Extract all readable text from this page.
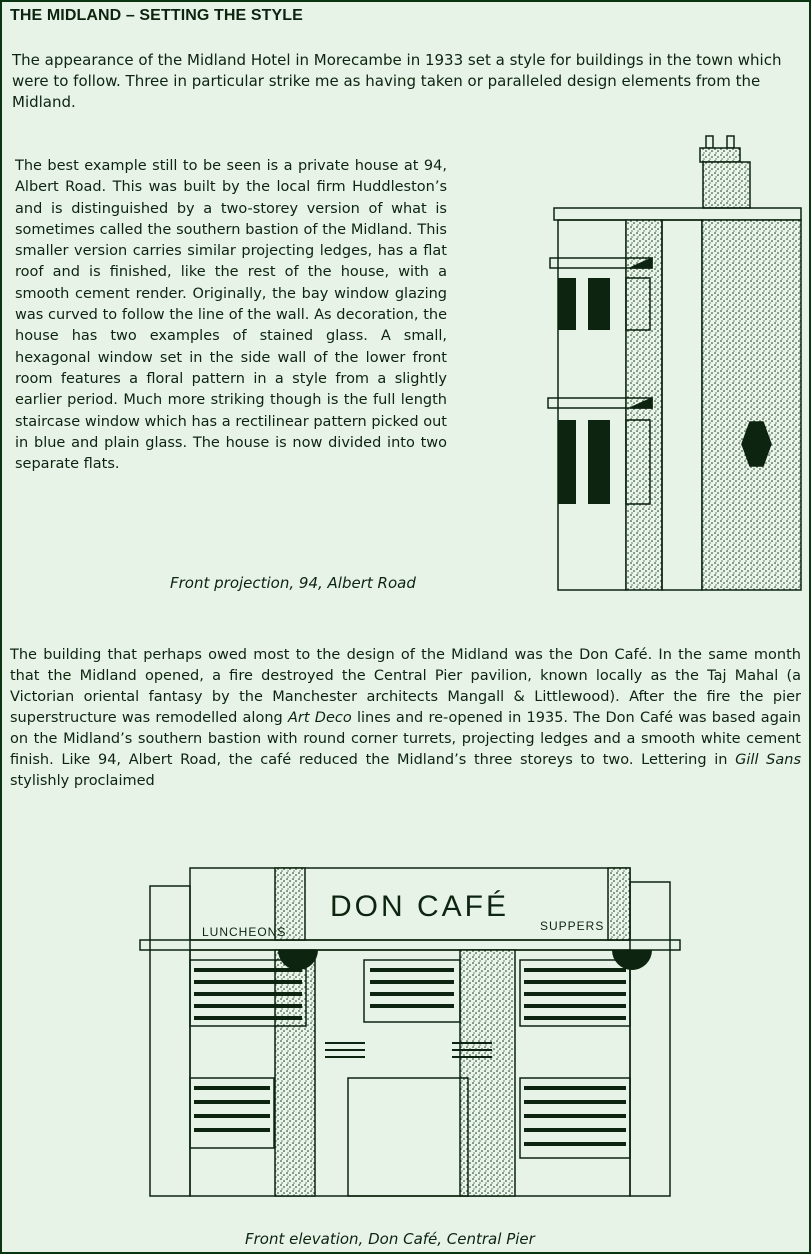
THE MIDLAND – SETTING THE STYLE

The appearance of the Midland Hotel in Morecambe in 1933 set a style for buildings in the town which were to follow. Three in particular strike me as having taken or paralleled design elements from the Midland.

The best example still to be seen is a private house at 94, Albert Road. This was built by the local firm Huddleston’s and is distinguished by a two-storey version of what is sometimes called the southern bastion of the Midland. This smaller version carries similar projecting ledges, has a flat roof and is finished, like the rest of the house, with a smooth cement render. Originally, the bay window glazing was curved to follow the line of the wall. As decoration, the house has two examples of stained glass. A small, hexagonal window set in the side wall of the lower front room features a floral pattern in a style from a slightly earlier period. Much more striking though is the full length staircase window which has a rectilinear pattern picked out in blue and plain glass. The house is now divided into two separate flats.

Front projection, 94, Albert Road

The building that perhaps owed most to the design of the Midland was the Don Café. In the same month that the Midland opened, a fire destroyed the Central Pier pavilion, known locally as the Taj Mahal (a Victorian oriental fantasy by the Manchester architects Mangall & Littlewood). After the fire the pier superstructure was remodelled along Art Deco lines and re-opened in 1935. The Don Café was based again on the Midland’s southern bastion with round corner turrets, projecting ledges and a smooth white cement finish. Like 94, Albert Road, the café reduced the Midland’s three storeys to two. Lettering in Gill Sans stylishly proclaimed

DON CAFÉ
LUNCHEONS	SUPPERS

Front elevation, Don Café, Central Pier
